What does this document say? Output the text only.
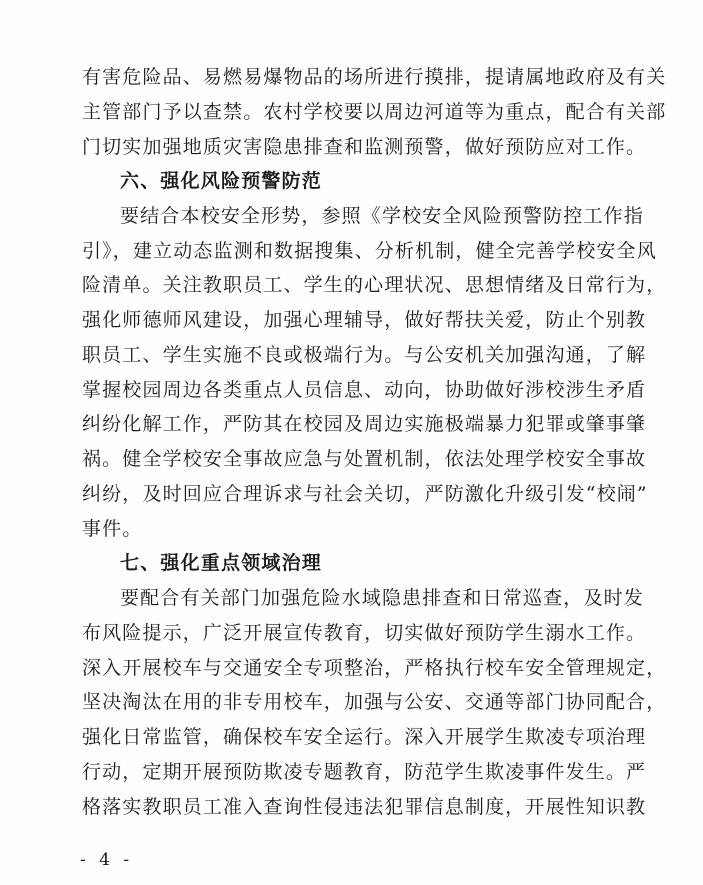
有害危险品、易燃易爆物品的场所进行摸排，提请属地政府及有关
主管部门予以查禁。农村学校要以周边河道等为重点，配合有关部
门切实加强地质灾害隐患排查和监测预警，做好预防应对工作。
六、强化风险预警防范
要结合本校安全形势，参照《学校安全风险预警防控工作指
引》，建立动态监测和数据搜集、分析机制，健全完善学校安全风
险清单。关注教职员工、学生的心理状况、思想情绪及日常行为，
强化师德师风建设，加强心理辅导，做好帮扶关爱，防止个别教
职员工、学生实施不良或极端行为。与公安机关加强沟通，了解
掌握校园周边各类重点人员信息、动向，协助做好涉校涉生矛盾
纠纷化解工作，严防其在校园及周边实施极端暴力犯罪或肇事肇
祸。健全学校安全事故应急与处置机制，依法处理学校安全事故
纠纷，及时回应合理诉求与社会关切，严防激化升级引发“校闹”
事件。
七、强化重点领域治理
要配合有关部门加强危险水域隐患排查和日常巡查，及时发
布风险提示，广泛开展宣传教育，切实做好预防学生溺水工作。
深入开展校车与交通安全专项整治，严格执行校车安全管理规定，
坚决淘汰在用的非专用校车，加强与公安、交通等部门协同配合，
强化日常监管，确保校车安全运行。深入开展学生欺凌专项治理
行动，定期开展预防欺凌专题教育，防范学生欺凌事件发生。严
格落实教职员工准入查询性侵违法犯罪信息制度，开展性知识教
- 4 -
